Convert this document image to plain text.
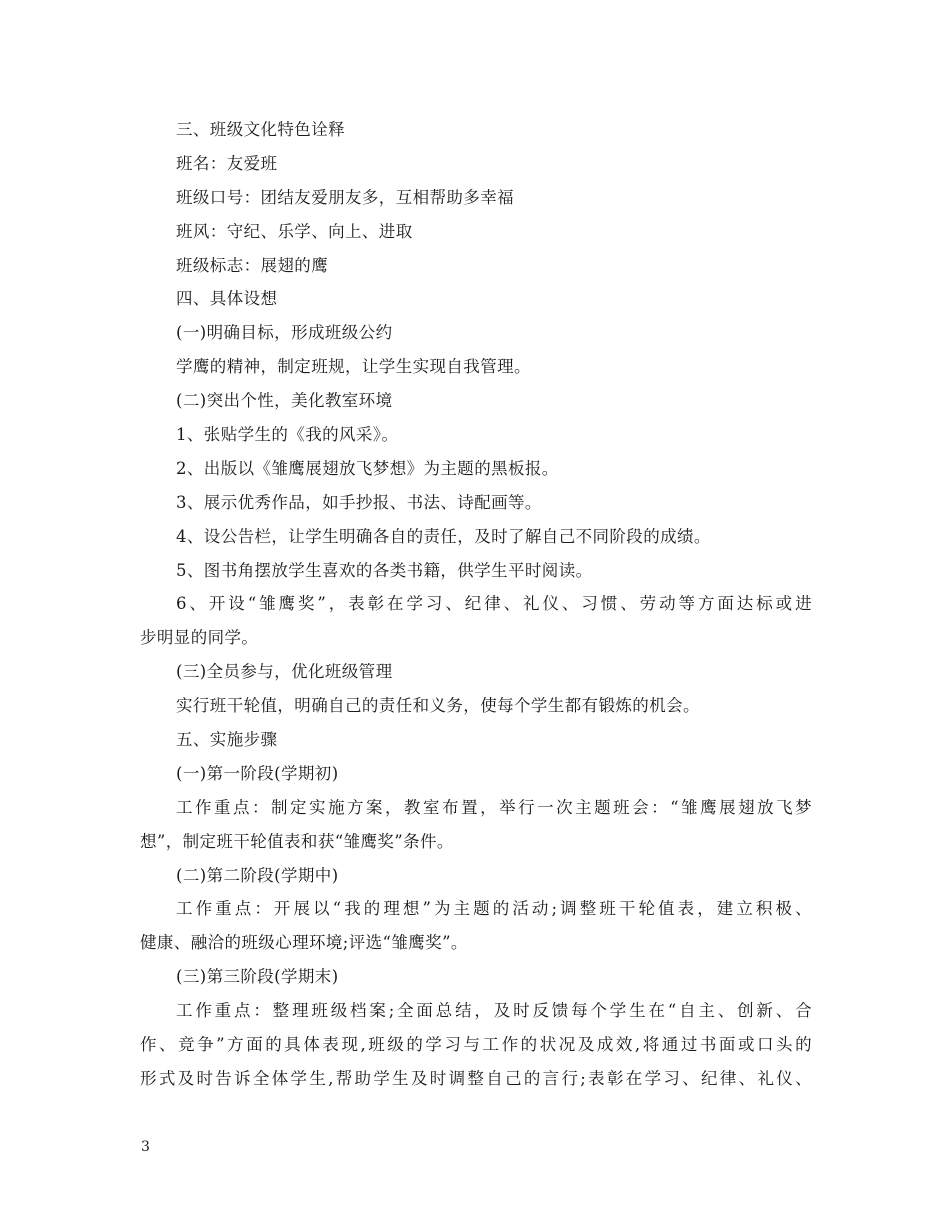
三、班级文化特色诠释
班名：友爱班
班级口号：团结友爱朋友多，互相帮助多幸福
班风：守纪、乐学、向上、进取
班级标志：展翅的鹰
四、具体设想
(一)明确目标，形成班级公约
学鹰的精神，制定班规，让学生实现自我管理。
(二)突出个性，美化教室环境
1、张贴学生的《我的风采》。
2、出版以《雏鹰展翅放飞梦想》为主题的黑板报。
3、展示优秀作品，如手抄报、书法、诗配画等。
4、设公告栏，让学生明确各自的责任，及时了解自己不同阶段的成绩。
5、图书角摆放学生喜欢的各类书籍，供学生平时阅读。
6、开设“雏鹰奖”，表彰在学习、纪律、礼仪、习惯、劳动等方面达标或进
步明显的同学。
(三)全员参与，优化班级管理
实行班干轮值，明确自己的责任和义务，使每个学生都有锻炼的机会。
五、实施步骤
(一)第一阶段(学期初)
工作重点：制定实施方案，教室布置，举行一次主题班会：“雏鹰展翅放飞梦
想”，制定班干轮值表和获“雏鹰奖”条件。
(二)第二阶段(学期中)
工作重点：开展以“我的理想”为主题的活动;调整班干轮值表，建立积极、
健康、融洽的班级心理环境;评选“雏鹰奖”。
(三)第三阶段(学期末)
工作重点：整理班级档案;全面总结，及时反馈每个学生在“自主、创新、合
作、竞争”方面的具体表现,班级的学习与工作的状况及成效,将通过书面或口头的
形式及时告诉全体学生,帮助学生及时调整自己的言行;表彰在学习、纪律、礼仪、
3
